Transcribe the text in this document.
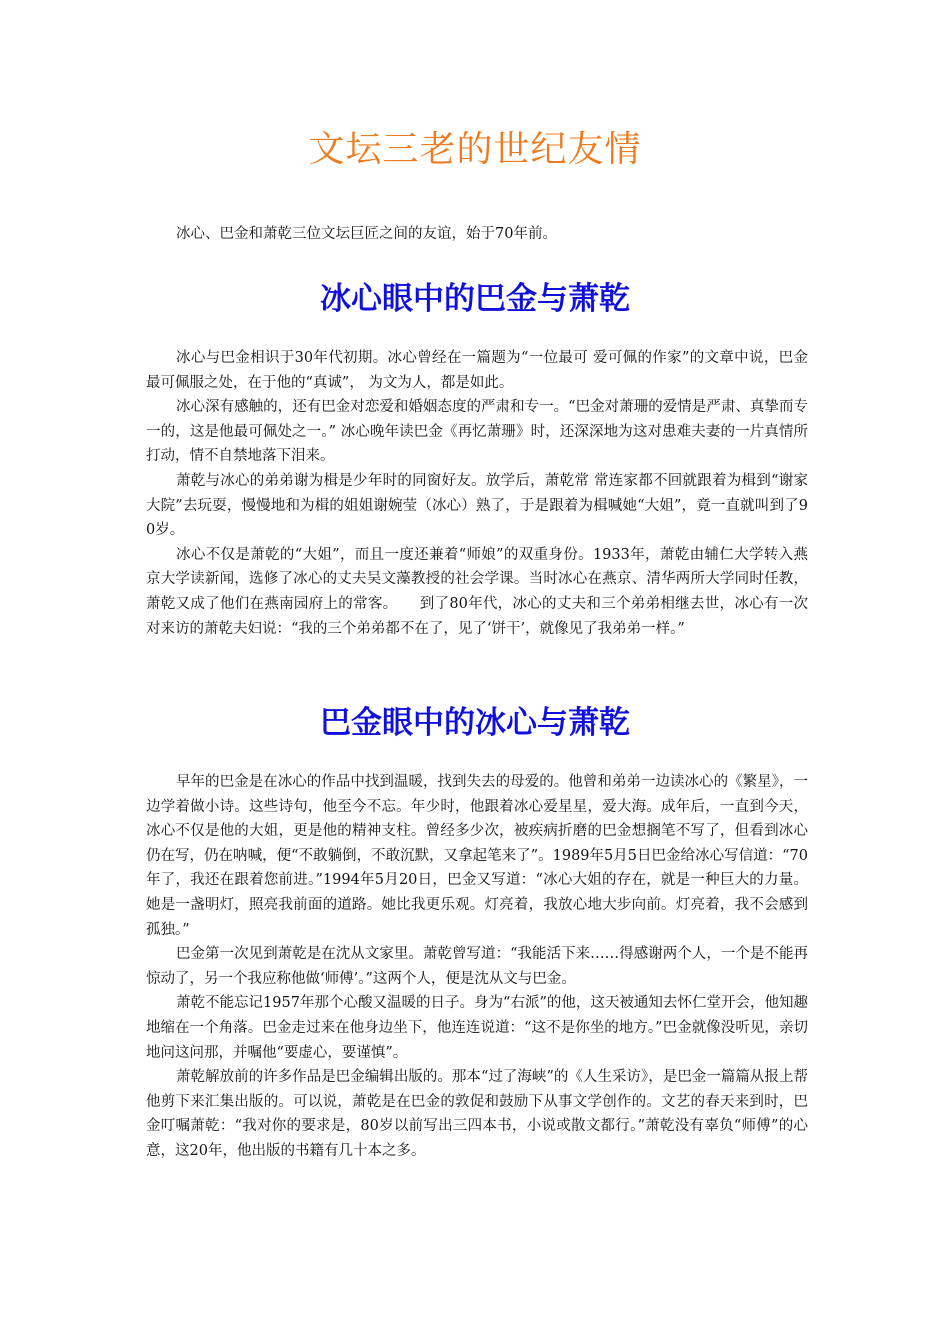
文坛三老的世纪友情

冰心、巴金和萧乾三位文坛巨匠之间的友谊，始于70年前。

冰心眼中的巴金与萧乾

冰心与巴金相识于30年代初期。冰心曾经在一篇题为“一位最可 爱可佩的作家”的文章中说，巴金最可佩服之处，在于他的“真诚”， 为文为人，都是如此。

冰心深有感触的，还有巴金对恋爱和婚姻态度的严肃和专一。“巴金对萧珊的爱情是严肃、真挚而专一的，这是他最可佩处之一。” 冰心晚年读巴金《再忆萧珊》时，还深深地为这对患难夫妻的一片真情所打动，情不自禁地落下泪来。

萧乾与冰心的弟弟谢为楫是少年时的同窗好友。放学后，萧乾常 常连家都不回就跟着为楫到“谢家大院”去玩耍，慢慢地和为楫的姐姐谢婉莹（冰心）熟了，于是跟着为楫喊她“大姐”，竟一直就叫到了90岁。

冰心不仅是萧乾的“大姐”，而且一度还兼着“师娘”的双重身份。1933年，萧乾由辅仁大学转入燕京大学读新闻，选修了冰心的丈夫吴文藻教授的社会学课。当时冰心在燕京、清华两所大学同时任教，萧乾又成了他们在燕南园府上的常客。　　到了80年代，冰心的丈夫和三个弟弟相继去世，冰心有一次对来访的萧乾夫妇说：“我的三个弟弟都不在了，见了‘饼干’，就像见了我弟弟一样。”

巴金眼中的冰心与萧乾

早年的巴金是在冰心的作品中找到温暖，找到失去的母爱的。他曾和弟弟一边读冰心的《繁星》，一边学着做小诗。这些诗句，他至今不忘。年少时，他跟着冰心爱星星，爱大海。成年后，一直到今天，冰心不仅是他的大姐，更是他的精神支柱。曾经多少次，被疾病折磨的巴金想搁笔不写了，但看到冰心仍在写，仍在呐喊，便“不敢躺倒，不敢沉默，又拿起笔来了”。1989年5月5日巴金给冰心写信道：“70年了，我还在跟着您前进。”1994年5月20日，巴金又写道：“冰心大姐的存在，就是一种巨大的力量。她是一盏明灯，照亮我前面的道路。她比我更乐观。灯亮着，我放心地大步向前。灯亮着，我不会感到孤独。”

巴金第一次见到萧乾是在沈从文家里。萧乾曾写道：“我能活下来……得感谢两个人，一个是不能再惊动了，另一个我应称他做‘师傅’。”这两个人，便是沈从文与巴金。

萧乾不能忘记1957年那个心酸又温暖的日子。身为“右派”的他，这天被通知去怀仁堂开会，他知趣地缩在一个角落。巴金走过来在他身边坐下，他连连说道：“这不是你坐的地方。”巴金就像没听见，亲切地问这问那，并嘱他“要虚心，要谨慎”。

萧乾解放前的许多作品是巴金编辑出版的。那本“过了海峡”的《人生采访》，是巴金一篇篇从报上帮他剪下来汇集出版的。可以说，萧乾是在巴金的敦促和鼓励下从事文学创作的。文艺的春天来到时，巴金叮嘱萧乾：“我对你的要求是，80岁以前写出三四本书，小说或散文都行。”萧乾没有辜负“师傅”的心意，这20年，他出版的书籍有几十本之多。
